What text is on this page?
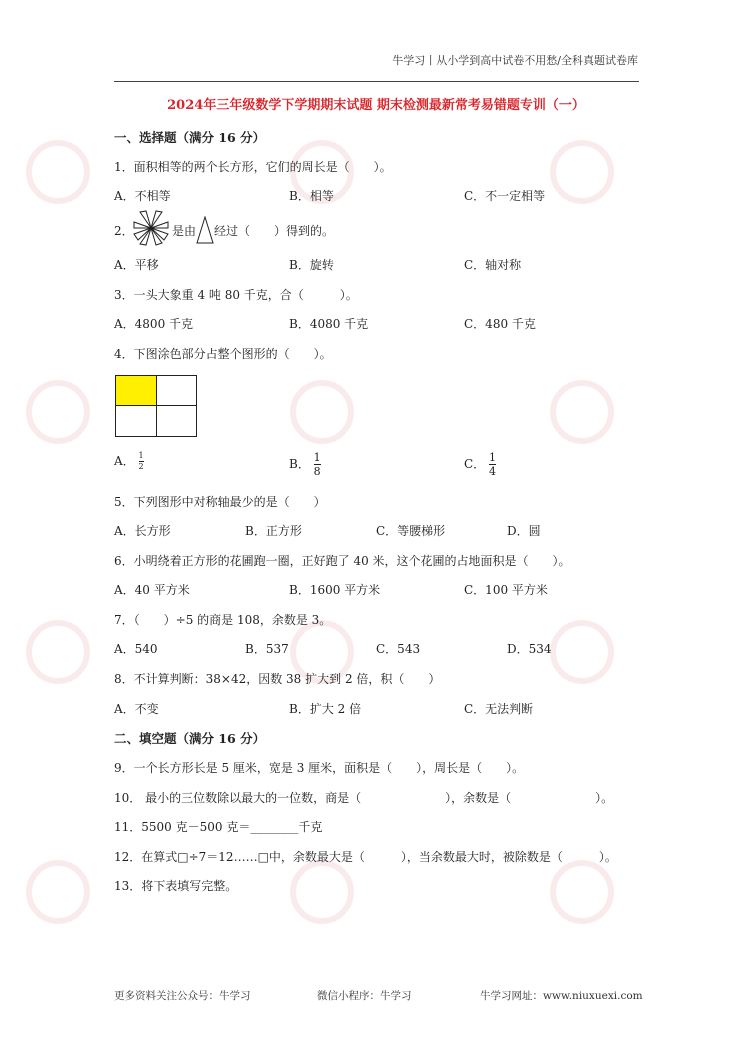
牛学习丨从小学到高中试卷不用愁/全科真题试卷库
2024年三年级数学下学期期末试题 期末检测最新常考易错题专训（一）
一、选择题（满分 16 分）
1．面积相等的两个长方形，它们的周长是（　　）。
A．不相等	B．相等	C．不一定相等
2．	是由 经过（　　）得到的。
A．平移	B．旋转	C．轴对称
3．一头大象重 4 吨 80 千克，合（　　　）。
A．4800 千克	B．4080 千克	C．480 千克
4．下图涂色部分占整个图形的（　　）。
A． $\frac{1}{2}$	B． $\frac{1}{8}$	C． $\frac{1}{4}$
5．下列图形中对称轴最少的是（　　）
A．长方形	B．正方形	C．等腰梯形	D．圆
6．小明绕着正方形的花圃跑一圈，正好跑了 40 米，这个花圃的占地面积是（　　）。
A．40 平方米	B．1600 平方米	C．100 平方米
7．（　　）÷5 的商是 108，余数是 3。
A．540	B．537	C．543	D．534
8．不计算判断：38×42，因数 38 扩大到 2 倍，积（　　）
A．不变	B．扩大 2 倍	C．无法判断
二、填空题（满分 16 分）
9．一个长方形长是 5 厘米，宽是 3 厘米，面积是（　　），周长是（　　）。
10． 最小的三位数除以最大的一位数，商是（　　　　　　　），余数是（　　　　　　　）。
11．5500 克－500 克＝________千克
12．在算式□÷7＝12……□中，余数最大是（　　　），当余数最大时，被除数是（　　　）。
13．将下表填写完整。
更多资料关注公众号：牛学习	微信小程序：牛学习	牛学习网址：www.niuxuexi.com
